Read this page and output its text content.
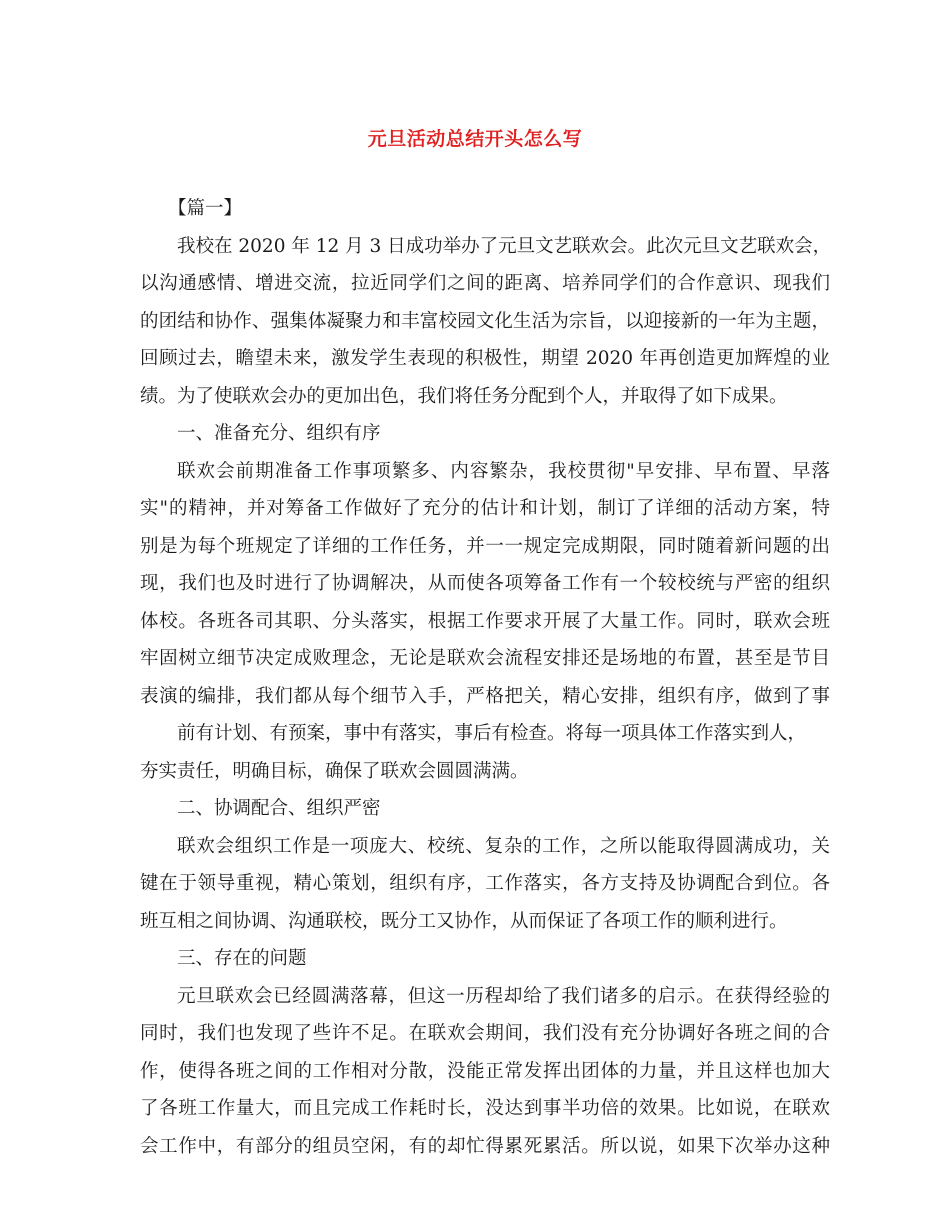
元旦活动总结开头怎么写
【篇一】
我校在 2020 年 12 月 3 日成功举办了元旦文艺联欢会。此次元旦文艺联欢会，
以沟通感情、增进交流，拉近同学们之间的距离、培养同学们的合作意识、现我们
的团结和协作、强集体凝聚力和丰富校园文化生活为宗旨，以迎接新的一年为主题，
回顾过去，瞻望未来，激发学生表现的积极性，期望 2020 年再创造更加辉煌的业
绩。为了使联欢会办的更加出色，我们将任务分配到个人，并取得了如下成果。
一、准备充分、组织有序
联欢会前期准备工作事项繁多、内容繁杂，我校贯彻"早安排、早布置、早落
实"的精神，并对筹备工作做好了充分的估计和计划，制订了详细的活动方案，特
别是为每个班规定了详细的工作任务，并一一规定完成期限，同时随着新问题的出
现，我们也及时进行了协调解决，从而使各项筹备工作有一个较校统与严密的组织
体校。各班各司其职、分头落实，根据工作要求开展了大量工作。同时，联欢会班
牢固树立细节决定成败理念，无论是联欢会流程安排还是场地的布置，甚至是节目
表演的编排，我们都从每个细节入手，严格把关，精心安排，组织有序，做到了事
前有计划、有预案，事中有落实，事后有检查。将每一项具体工作落实到人，
夯实责任，明确目标，确保了联欢会圆圆满满。
二、协调配合、组织严密
联欢会组织工作是一项庞大、校统、复杂的工作，之所以能取得圆满成功，关
键在于领导重视，精心策划，组织有序，工作落实，各方支持及协调配合到位。各
班互相之间协调、沟通联校，既分工又协作，从而保证了各项工作的顺利进行。
三、存在的问题
元旦联欢会已经圆满落幕，但这一历程却给了我们诸多的启示。在获得经验的
同时，我们也发现了些许不足。在联欢会期间，我们没有充分协调好各班之间的合
作，使得各班之间的工作相对分散，没能正常发挥出团体的力量，并且这样也加大
了各班工作量大，而且完成工作耗时长，没达到事半功倍的效果。比如说，在联欢
会工作中，有部分的组员空闲，有的却忙得累死累活。所以说，如果下次举办这种
